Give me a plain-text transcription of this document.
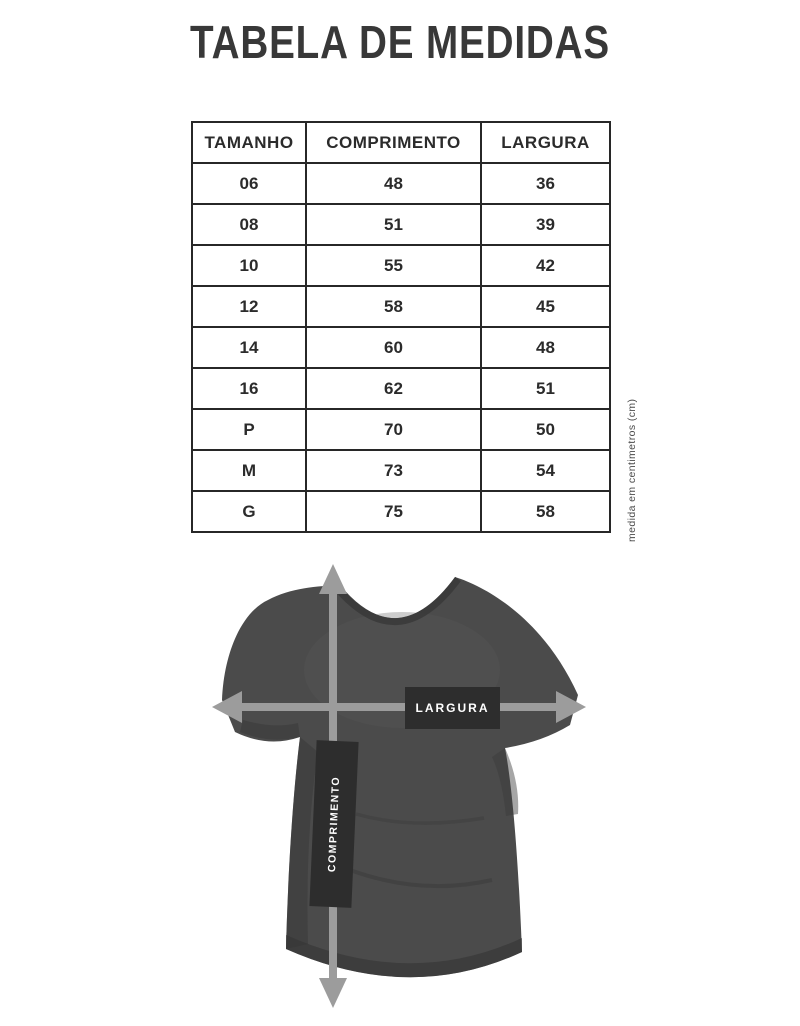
TABELA DE MEDIDAS
TAMANHO	COMPRIMENTO	LARGURA
06	48	36
08	51	39
10	55	42
12	58	45
14	60	48
16	62	51
P	70	50
M	73	54
G	75	58	medida em centimetros (cm)
LARGURA
COMPRIMENTO
